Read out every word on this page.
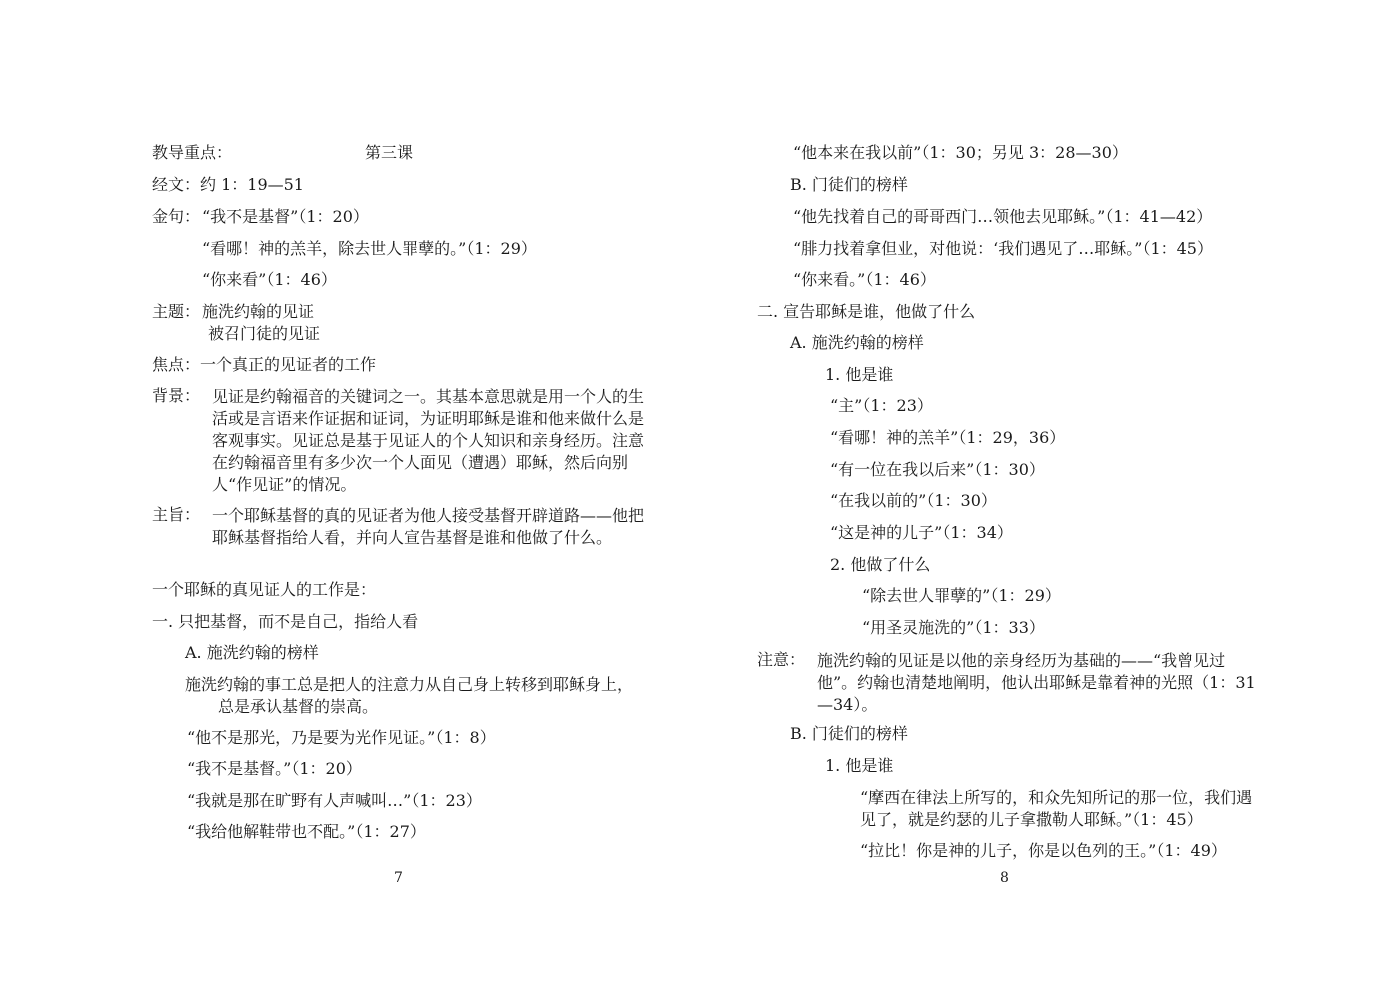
教导重点：	第三课
经文：约 1：19—51
金句： “我不是基督”（1：20）
“看哪！神的羔羊，除去世人罪孽的。”（1：29）
“你来看”（1：46）
主题： 施洗约翰的见证
被召门徒的见证
焦点：一个真正的见证者的工作
背景： 见证是约翰福音的关键词之一。其基本意思就是用一个人的生活或是言语来作证据和证词，为证明耶稣是谁和他来做什么是客观事实。见证总是基于见证人的个人知识和亲身经历。注意在约翰福音里有多少次一个人面见（遭遇）耶稣，然后向别人“作见证”的情况。
主旨： 一个耶稣基督的真的见证者为他人接受基督开辟道路——他把耶稣基督指给人看，并向人宣告基督是谁和他做了什么。
一个耶稣的真见证人的工作是：
一. 只把基督，而不是自己，指给人看
A. 施洗约翰的榜样
施洗约翰的事工总是把人的注意力从自己身上转移到耶稣身上，
总是承认基督的崇高。
“他不是那光，乃是要为光作见证。”（1：8）
“我不是基督。”（1：20）
“我就是那在旷野有人声喊叫…”（1：23）
“我给他解鞋带也不配。”（1：27）
7
“他本来在我以前”（1：30；另见 3：28—30）
B. 门徒们的榜样
“他先找着自己的哥哥西门…领他去见耶稣。”（1：41—42）
“腓力找着拿但业，对他说：‘我们遇见了…耶稣。”（1：45）
“你来看。”（1：46）
二. 宣告耶稣是谁，他做了什么
A. 施洗约翰的榜样
1. 他是谁
“主”（1：23）
“看哪！神的羔羊”（1：29，36）
“有一位在我以后来”（1：30）
“在我以前的”（1：30）
“这是神的儿子”（1：34）
2. 他做了什么
“除去世人罪孽的”（1：29）
“用圣灵施洗的”（1：33）
注意： 施洗约翰的见证是以他的亲身经历为基础的——“我曾见过他”。约翰也清楚地阐明，他认出耶稣是靠着神的光照（1：31—34）。
B. 门徒们的榜样
1. 他是谁
“摩西在律法上所写的，和众先知所记的那一位，我们遇见了，就是约瑟的儿子拿撒勒人耶稣。”（1：45）
“拉比！你是神的儿子，你是以色列的王。”（1：49）
8
